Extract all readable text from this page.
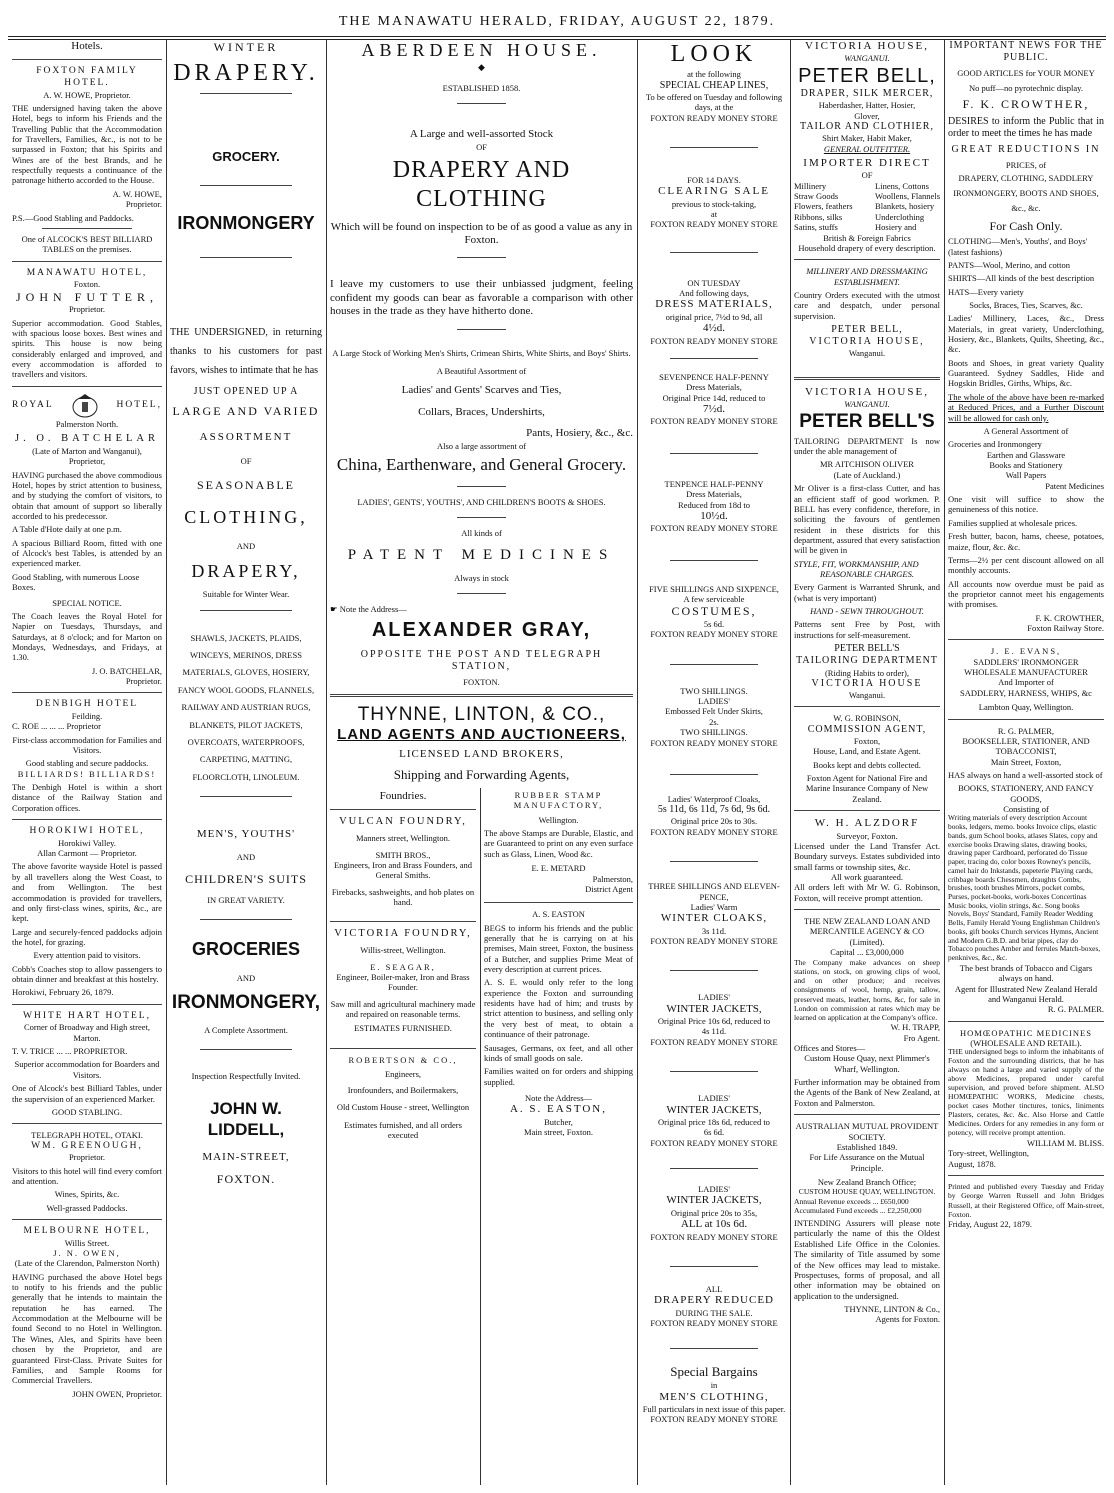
THE MANAWATU HERALD, FRIDAY, AUGUST 22, 1879.
Hotels.
FOXTON FAMILY HOTEL.
A. W. HOWE, Proprietor.
THE undersigned having taken the above Hotel, begs to inform his Friends and the Travelling Public that the Accommodation for Travellers, Families, &c., is not to be surpassed in Foxton; that his Spirits and Wines are of the best Brands, and he respectfully requests a continuance of the patronage hitherto accorded to the House.
A. W. HOWE,
Proprietor.
P.S.—Good Stabling and Paddocks.
One of ALCOCK'S BEST BILLIARD TABLES on the premises.
MANAWATU HOTEL,
Foxton.
JOHN FUTTER,
Proprietor.
Superior accommodation. Good Stables, with spacious loose boxes. Best wines and spirits. This house is now being considerably enlarged and improved, and every accommodation is afforded to travellers and visitors.
ROYAL	HOTEL,
Palmerston North.
J. O. BATCHELAR
(Late of Marton and Wanganui),
Proprietor,
HAVING purchased the above commodious Hotel, hopes by strict attention to business, and by studying the comfort of visitors, to obtain that amount of support so liberally accorded to his predecessor.
A Table d'Hote daily at one p.m.
A spacious Billiard Room, fitted with one of Alcock's best Tables, is attended by an experienced marker.
Good Stabling, with numerous Loose Boxes.
SPECIAL NOTICE.
The Coach leaves the Royal Hotel for Napier on Tuesdays, Thursdays, and Saturdays, at 8 o'clock; and for Marton on Mondays, Wednesdays, and Fridays, at 1.30.
J. O. BATCHELAR,
Proprietor.
DENBIGH HOTEL
Feilding.
C. ROE ... ... ... Proprietor
First-class accommodation for Families and Visitors.
Good stabling and secure paddocks.
BILLIARDS! BILLIARDS!
The Denbigh Hotel is within a short distance of the Railway Station and Corporation offices.
HOROKIWI HOTEL,
Horokiwi Valley.
Allan Carmont — Proprietor.
The above favorite wayside Hotel is passed by all travellers along the West Coast, to and from Wellington. The best accommodation is provided for travellers, and only first-class wines, spirits, &c., are kept.
Large and securely-fenced paddocks adjoin the hotel, for grazing.
Every attention paid to visitors.
Cobb's Coaches stop to allow passengers to obtain dinner and breakfast at this hostelry.
Horokiwi, February 26, 1879.
WHITE HART HOTEL,
Corner of Broadway and High street, Marton.
T. V. TRICE ... ... PROPRIETOR.
Superior accommodation for Boarders and Visitors.
One of Alcock's best Billiard Tables, under the supervision of an experienced Marker.
GOOD STABLING.
TELEGRAPH HOTEL, OTAKI.
WM. GREENOUGH,
Proprietor.
Visitors to this hotel will find every comfort and attention.
Wines, Spirits, &c.
Well-grassed Paddocks.
MELBOURNE HOTEL,
Willis Street.
J. N. OWEN,
(Late of the Clarendon, Palmerston North)
HAVING purchased the above Hotel begs to notify to his friends and the public generally that he intends to maintain the reputation he has earned. The Accommodation at the Melbourne will be found Second to no Hotel in Wellington. The Wines, Ales, and Spirits have been chosen by the Proprietor, and are guaranteed First-Class. Private Suites for Families, and Sample Rooms for Commercial Travellers.
JOHN OWEN, Proprietor.
WINTER
DRAPERY.
GROCERY.
IRONMONGERY
THE UNDERSIGNED, in returning thanks to his customers for past favors, wishes to intimate that he has
JUST OPENED UP A
LARGE AND VARIED
ASSORTMENT
OF
SEASONABLE
CLOTHING,
AND
DRAPERY,
Suitable for Winter Wear.
SHAWLS, JACKETS, PLAIDS, WINCEYS, MERINOS, DRESS MATERIALS, GLOVES, HOSIERY, FANCY WOOL GOODS, FLANNELS, RAILWAY AND AUSTRIAN RUGS, BLANKETS, PILOT JACKETS, OVERCOATS, WATERPROOFS, CARPETING, MATTING, FLOORCLOTH, LINOLEUM.
MEN'S, YOUTHS'
AND
CHILDREN'S SUITS
IN GREAT VARIETY.
GROCERIES
AND
IRONMONGERY,
A Complete Assortment.
Inspection Respectfully Invited.
JOHN W. LIDDELL,
MAIN-STREET,
FOXTON.
ABERDEEN HOUSE.
◆
ESTABLISHED 1858.
A Large and well-assorted Stock
OF
DRAPERY AND CLOTHING
Which will be found on inspection to be of as good a value as any in Foxton.
I leave my customers to use their unbiassed judgment, feeling confident my goods can bear as favorable a comparison with other houses in the trade as they have hitherto done.
A Large Stock of Working Men's Shirts, Crimean Shirts, White Shirts, and Boys' Shirts.
A Beautiful Assortment of
Ladies' and Gents' Scarves and Ties,
Collars, Braces, Undershirts,
Pants, Hosiery, &c., &c.
Also a large assortment of
China, Earthenware, and General Grocery.
LADIES', GENTS', YOUTHS', AND CHILDREN'S BOOTS & SHOES.
All kinds of
PATENT MEDICINES
Always in stock
☛ Note the Address—
ALEXANDER GRAY,
OPPOSITE THE POST AND TELEGRAPH STATION,
FOXTON.
THYNNE, LINTON, & CO.,
LAND AGENTS AND AUCTIONEERS,
LICENSED LAND BROKERS,
Shipping and Forwarding Agents,
Foundries.
VULCAN FOUNDRY,
Manners street, Wellington.
SMITH BROS.,
Engineers, Iron and Brass Founders, and General Smiths.
Firebacks, sashweights, and hob plates on hand.
VICTORIA FOUNDRY,
Willis-street, Wellington.
E. SEAGAR,
Engineer, Boiler-maker, Iron and Brass Founder.
Saw mill and agricultural machinery made and repaired on reasonable terms.
ESTIMATES FURNISHED.
ROBERTSON & CO.,
Engineers,
Ironfounders, and Boilermakers,
Old Custom House - street, Wellington
Estimates furnished, and all orders executed
RUBBER STAMP MANUFACTORY,
Wellington.
The above Stamps are Durable, Elastic, and are Guaranteed to print on any even surface such as Glass, Linen, Wood &c.
E. E. METARD
Palmerston,
District Agent
A. S. EASTON
BEGS to inform his friends and the public generally that he is carrying on at his premises, Main street, Foxton, the business of a Butcher, and supplies Prime Meat of every description at current prices.
A. S. E. would only refer to the long experience the Foxton and surrounding residents have had of him; and trusts by strict attention to business, and selling only the very best of meat, to obtain a continuance of their patronage.
Sausages, Germans, ox feet, and all other kinds of small goods on sale.
Families waited on for orders and shipping supplied.
Note the Address—
A. S. EASTON,
Butcher,
Main street, Foxton.
LOOK
at the following
SPECIAL CHEAP LINES,
To be offered on Tuesday and following days, at the
FOXTON READY MONEY STORE
FOR 14 DAYS.
CLEARING SALE
previous to stock-taking,
at
FOXTON READY MONEY STORE
ON TUESDAY
And following days,
DRESS MATERIALS,
original price, 7½d to 9d, all
4½d.
FOXTON READY MONEY STORE
SEVENPENCE HALF-PENNY
Dress Materials,
Original Price 14d, reduced to
7½d.
FOXTON READY MONEY STORE
TENPENCE HALF-PENNY
Dress Materials,
Reduced from 18d to
10½d.
FOXTON READY MONEY STORE
FIVE SHILLINGS AND SIXPENCE,
A few serviceable
COSTUMES,
5s 6d.
FOXTON READY MONEY STORE
TWO SHILLINGS.
LADIES'
Embossed Felt Under Skirts,
2s.
TWO SHILLINGS.
FOXTON READY MONEY STORE
Ladies' Waterproof Cloaks,
5s 11d, 6s 11d, 7s 6d, 9s 6d.
Original price 20s to 30s.
FOXTON READY MONEY STORE
THREE SHILLINGS AND ELEVEN-PENCE,
Ladies' Warm
WINTER CLOAKS,
3s 11d.
FOXTON READY MONEY STORE
LADIES'
WINTER JACKETS,
Original Price 10s 6d, reduced to
4s 11d.
FOXTON READY MONEY STORE
LADIES'
WINTER JACKETS,
Original price 18s 6d, reduced to
6s 6d.
FOXTON READY MONEY STORE
LADIES'
WINTER JACKETS,
Original price 20s to 35s,
ALL at 10s 6d.
FOXTON READY MONEY STORE
ALL
DRAPERY REDUCED
DURING THE SALE.
FOXTON READY MONEY STORE
Special Bargains
in
MEN'S CLOTHING,
Full particulars in next issue of this paper.
FOXTON READY MONEY STORE
VICTORIA HOUSE,
WANGANUI.
PETER BELL,
DRAPER, SILK MERCER,
Haberdasher, Hatter, Hosier,
Glover,
TAILOR AND CLOTHIER,
Shirt Maker, Habit Maker,
GENERAL OUTFITTER.
IMPORTER DIRECT
OF
Millinery
Straw Goods
Flowers, feathers
Ribbons, silks
Satins, stuffs
Linens, Cottons
Woollens, Flannels
Blankets, hosiery
Underclothing
Hosiery and
British & Foreign Fabrics
Household drapery of every description.
MILLINERY AND DRESSMAKING ESTABLISHMENT.
Country Orders executed with the utmost care and despatch, under personal supervision.
PETER BELL,
VICTORIA HOUSE,
Wanganui.
VICTORIA HOUSE,
WANGANUI.
PETER BELL'S
TAILORING DEPARTMENT Is now under the able management of
MR AITCHISON OLIVER
(Late of Auckland.)
Mr Oliver is a first-class Cutter, and has an efficient staff of good workmen. P. BELL has every confidence, therefore, in soliciting the favours of gentlemen resident in these districts for this department, assured that every satisfaction will be given in
STYLE, FIT, WORKMANSHIP, AND
REASONABLE CHARGES.
Every Garment is Warranted Shrunk, and (what is very important)
HAND - SEWN THROUGHOUT.
Patterns sent Free by Post, with instructions for self-measurement.
PETER BELL'S
TAILORING DEPARTMENT
(Riding Habits to order),
VICTORIA HOUSE
Wanganui.
W. G. ROBINSON,
COMMISSION AGENT,
Foxton,
House, Land, and Estate Agent.
Books kept and debts collected.
Foxton Agent for National Fire and Marine Insurance Company of New Zealand.
W. H. ALZDORF
Surveyor, Foxton.
Licensed under the Land Transfer Act. Boundary surveys. Estates subdivided into small farms or township sites, &c.
All work guaranteed.
All orders left with Mr W. G. Robinson, Foxton, will receive prompt attention.
THE NEW ZEALAND LOAN AND MERCANTILE AGENCY & CO
(Limited).
Capital ... £3,000,000
The Company make advances on sheep stations, on stock, on growing clips of wool, and on other produce; and receives consignments of wool, hemp, grain, tallow, preserved meats, leather, horns, &c, for sale in London on commission at rates which may be learned on application at the Company's office.
W. H. TRAPP,
Fro Agent.
Offices and Stores—
Custom House Quay, next Plimmer's Wharf, Wellington.
Further information may be obtained from the Agents of the Bank of New Zealand, at Foxton and Palmerston.
AUSTRALIAN MUTUAL PROVIDENT SOCIETY.
Established 1849.
For Life Assurance on the Mutual Principle.
New Zealand Branch Office;
CUSTOM HOUSE QUAY, WELLINGTON.
Annual Revenue exceeds ... £650,000
Accumulated Fund exceeds ... £2,250,000
INTENDING Assurers will please note particularly the name of this the Oldest Established Life Office in the Colonies. The similarity of Title assumed by some of the New offices may lead to mistake. Prospectuses, forms of proposal, and all other information may be obtained on application to the undersigned.
THYNNE, LINTON & Co.,
Agents for Foxton.
IMPORTANT NEWS FOR THE PUBLIC.
GOOD ARTICLES for YOUR MONEY
No puff—no pyrotechnic display.
F. K. CROWTHER,
DESIRES to inform the Public that in order to meet the times he has made
GREAT REDUCTIONS IN
PRICES, of
DRAPERY, CLOTHING, SADDLERY IRONMONGERY, BOOTS AND SHOES, &c., &c.
For Cash Only.
CLOTHING—Men's, Youths', and Boys' (latest fashions)
PANTS—Wool, Merino, and cotton
SHIRTS—All kinds of the best description
HATS—Every variety
Socks, Braces, Ties, Scarves, &c.
Ladies' Millinery, Laces, &c., Dress Materials, in great variety, Underclothing, Hosiery, &c., Blankets, Quilts, Sheeting, &c., &c.
Boots and Shoes, in great variety Quality Guaranteed. Sydney Saddles, Hide and Hogskin Bridles, Girths, Whips, &c.
The whole of the above have been re-marked at Reduced Prices, and a Further Discount will be allowed for cash only.
A General Assortment of
Groceries and Ironmongery
Earthen and Glassware
Books and Stationery
Wall Papers
Patent Medicines
One visit will suffice to show the genuineness of this notice.
Families supplied at wholesale prices.
Fresh butter, bacon, hams, cheese, potatoes, maize, flour, &c. &c.
Terms—2½ per cent discount allowed on all monthly accounts.
All accounts now overdue must be paid as the proprietor cannot meet his engagements with promises.
F. K. CROWTHER,
Foxton Railway Store.
J. E. EVANS,
SADDLERS' IRONMONGER WHOLESALE MANUFACTURER
And Importer of
SADDLERY, HARNESS, WHIPS, &c
Lambton Quay, Wellington.
R. G. PALMER,
BOOKSELLER, STATIONER, AND TOBACCONIST,
Main Street, Foxton,
HAS always on hand a well-assorted stock of
BOOKS, STATIONERY, AND FANCY GOODS,
Consisting of
Writing materials of every description Account books, ledgers, memo. books Invoice clips, elastic bands, gum School books, atlases Slates, copy and exercise books Drawing slates, drawing books, drawing paper Cardboard, perforated do Tissue paper, tracing do, color boxes Rowney's pencils, camel hair do Inkstands, papeterie Playing cards, cribbage boards Chessmen, draughts Combs, brushes, tooth brushes Mirrors, pocket combs, Purses, pocket-books, work-boxes Concertinas Music books, violin strings, &c. Song books Novels, Boys' Standard, Family Reader Wedding Bells, Family Herald Young Englishman Children's books, gift books Church services Hymns, Ancient and Modern G.B.D. and briar pipes, clay do Tobacco pouches Amber and ferrules Match-boxes, penknives, &c., &c.
The best brands of Tobacco and Cigars always on hand.
Agent for Illustrated New Zealand Herald and Wanganui Herald.
R. G. PALMER.
HOMŒOPATHIC MEDICINES
(WHOLESALE AND RETAIL).
THE undersigned begs to inform the inhabitants of Foxton and the surrounding districts, that he has always on hand a large and varied supply of the above Medicines, prepared under careful supervision, and proved before shipment. ALSO HOMŒPATHIC WORKS, Medicine chests, pocket cases Mother tinctures, tonics, liniments Plasters, cerates, &c. &c. Also Horse and Cattle Medicines. Orders for any remedies in any form or potency, will receive prompt attention.
WILLIAM M. BLISS.
Tory-street, Wellington,
August, 1878.
Printed and published every Tuesday and Friday by George Warren Russell and John Bridges Russell, at their Registered Office, off Main-street, Foxton.
Friday, August 22, 1879.
